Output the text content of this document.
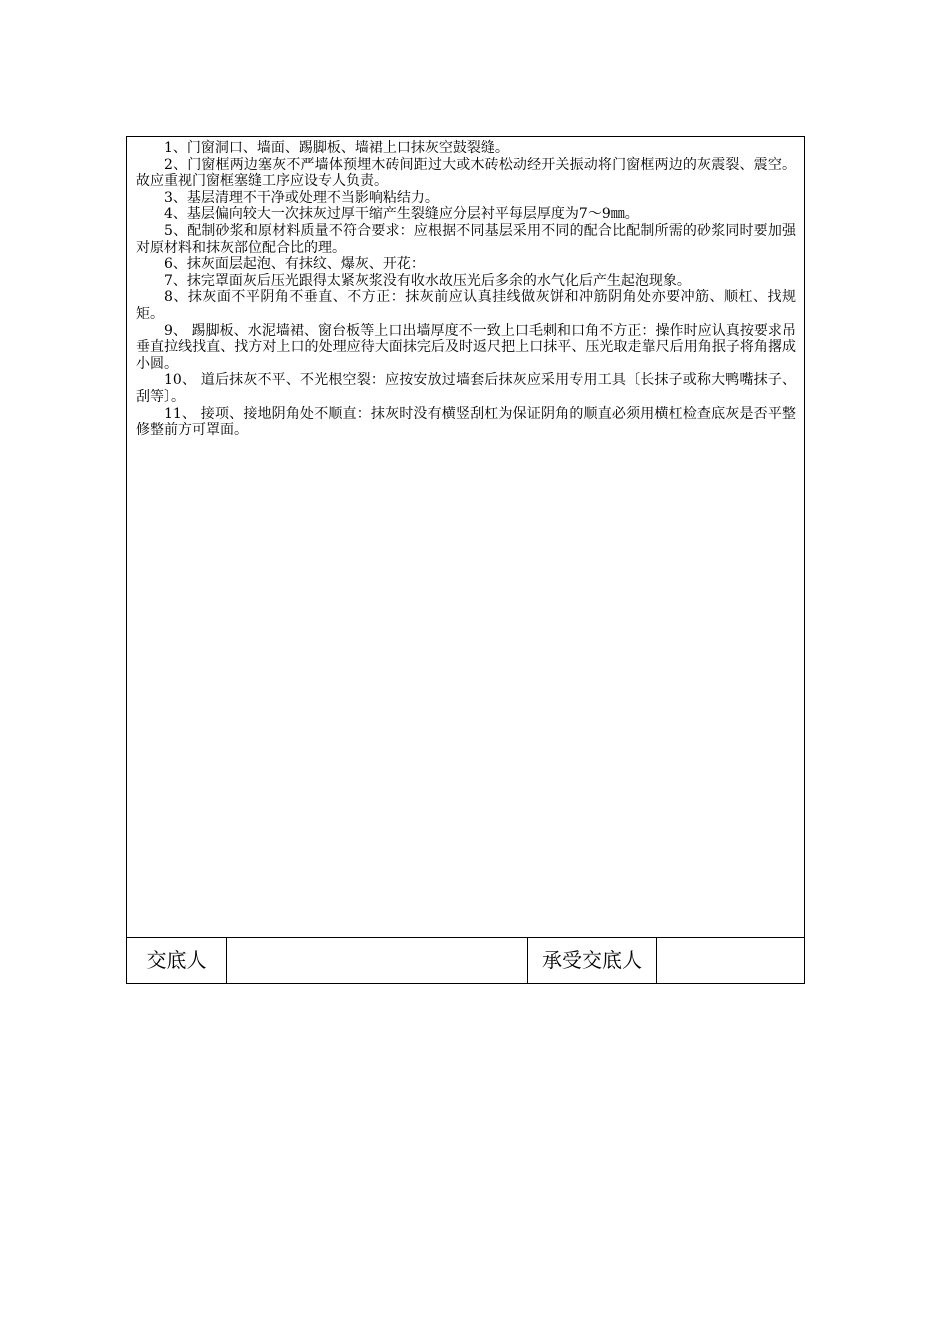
1、门窗洞口、墙面、踢脚板、墙裙上口抹灰空鼓裂缝。

2、门窗框两边塞灰不严墙体预埋木砖间距过大或木砖松动经开关振动将门窗框两边的灰震裂、震空。故应重视门窗框塞缝工序应设专人负责。

3、基层清理不干净或处理不当影响粘结力。

4、基层偏向较大一次抹灰过厚干缩产生裂缝应分层衬平每层厚度为7～9㎜。

5、配制砂浆和原材料质量不符合要求：应根据不同基层采用不同的配合比配制所需的砂浆同时要加强对原材料和抹灰部位配合比的理。

6、抹灰面层起泡、有抹纹、爆灰、开花：

7、抹完罩面灰后压光跟得太紧灰浆没有收水故压光后多余的水气化后产生起泡现象。

8、抹灰面不平阴角不垂直、不方正：抹灰前应认真挂线做灰饼和冲筋阴角处亦要冲筋、顺杠、找规矩。

9、 踢脚板、水泥墙裙、窗台板等上口出墙厚度不一致上口毛刺和口角不方正：操作时应认真按要求吊垂直拉线找直、找方对上口的处理应待大面抹完后及时返尺把上口抹平、压光取走靠尺后用角抿子将角撂成小圆。

10、 道后抹灰不平、不光根空裂：应按安放过墙套后抹灰应采用专用工具〔长抹子或称大鸭嘴抹子、刮等〕。

11、 接项、接地阴角处不顺直：抹灰时没有横竖刮杠为保证阴角的顺直必须用横杠检查底灰是否平整修整前方可罩面。

交底人	承受交底人
